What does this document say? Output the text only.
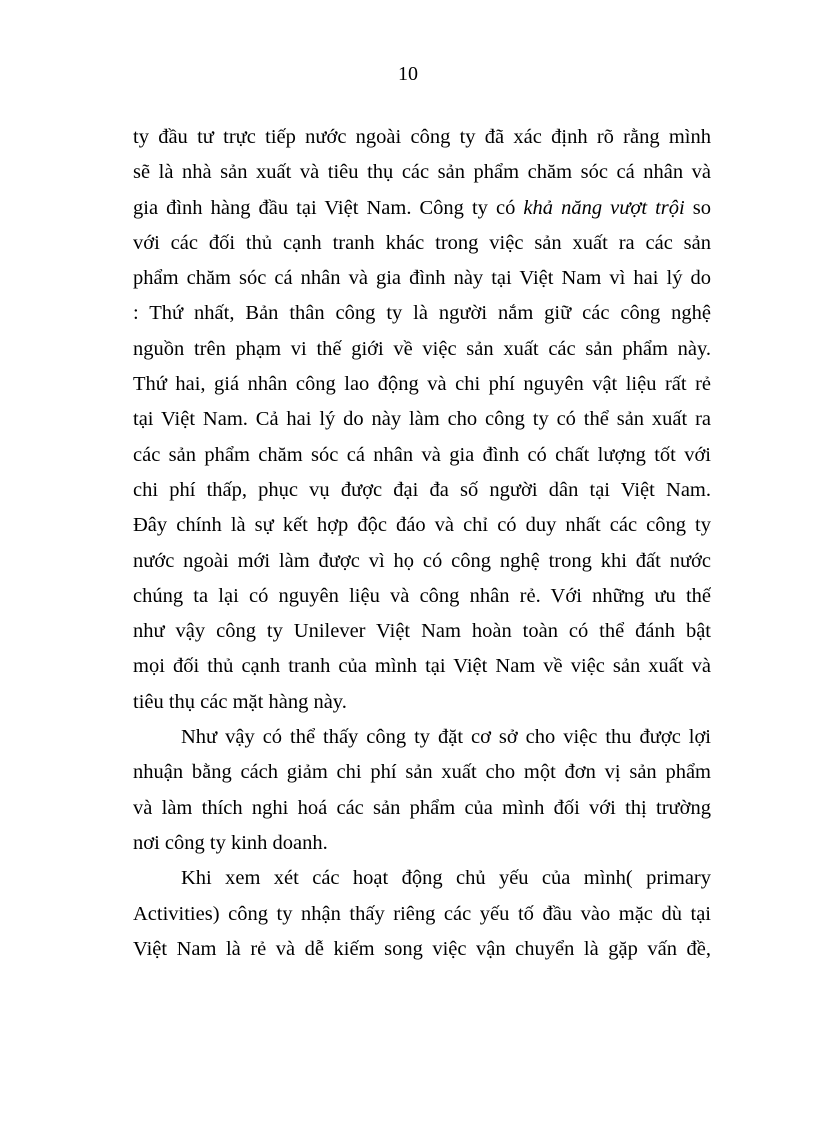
10
ty đầu tư trực tiếp nước ngoài công ty đã xác định rõ rằng mình
sẽ là nhà sản xuất và tiêu thụ các sản phẩm chăm sóc cá nhân và
gia đình hàng đầu tại Việt Nam. Công ty có khả năng vượt trội so
với các đối thủ cạnh tranh khác trong việc sản xuất ra các sản
phẩm chăm sóc cá nhân và gia đình này tại Việt Nam vì hai lý do
: Thứ nhất, Bản thân công ty là người nắm giữ các công nghệ
nguồn trên phạm vi thế giới về việc sản xuất các sản phẩm này.
Thứ hai, giá nhân công lao động và chi phí nguyên vật liệu rất rẻ
tại Việt Nam. Cả hai lý do này làm cho công ty có thể sản xuất ra
các sản phẩm chăm sóc cá nhân và gia đình có chất lượng tốt với
chi phí thấp, phục vụ được đại đa số người dân tại Việt Nam.
Đây chính là sự kết hợp độc đáo và chỉ có duy nhất các công ty
nước ngoài mới làm được vì họ có công nghệ trong khi đất nước
chúng ta lại có nguyên liệu và công nhân rẻ. Với những ưu thế
như vậy công ty Unilever Việt Nam hoàn toàn có thể đánh bật
mọi đối thủ cạnh tranh của mình tại Việt Nam về việc sản xuất và
tiêu thụ các mặt hàng này.
Như vậy có thể thấy công ty đặt cơ sở cho việc thu được lợi
nhuận bằng cách giảm chi phí sản xuất cho một đơn vị sản phẩm
và làm thích nghi hoá các sản phẩm của mình đối với thị trường
nơi công ty kinh doanh.
Khi xem xét các hoạt động chủ yếu của mình( primary
Activities) công ty nhận thấy riêng các yếu tố đầu vào mặc dù tại
Việt Nam là rẻ và dễ kiếm song việc vận chuyển là gặp vấn đề,
